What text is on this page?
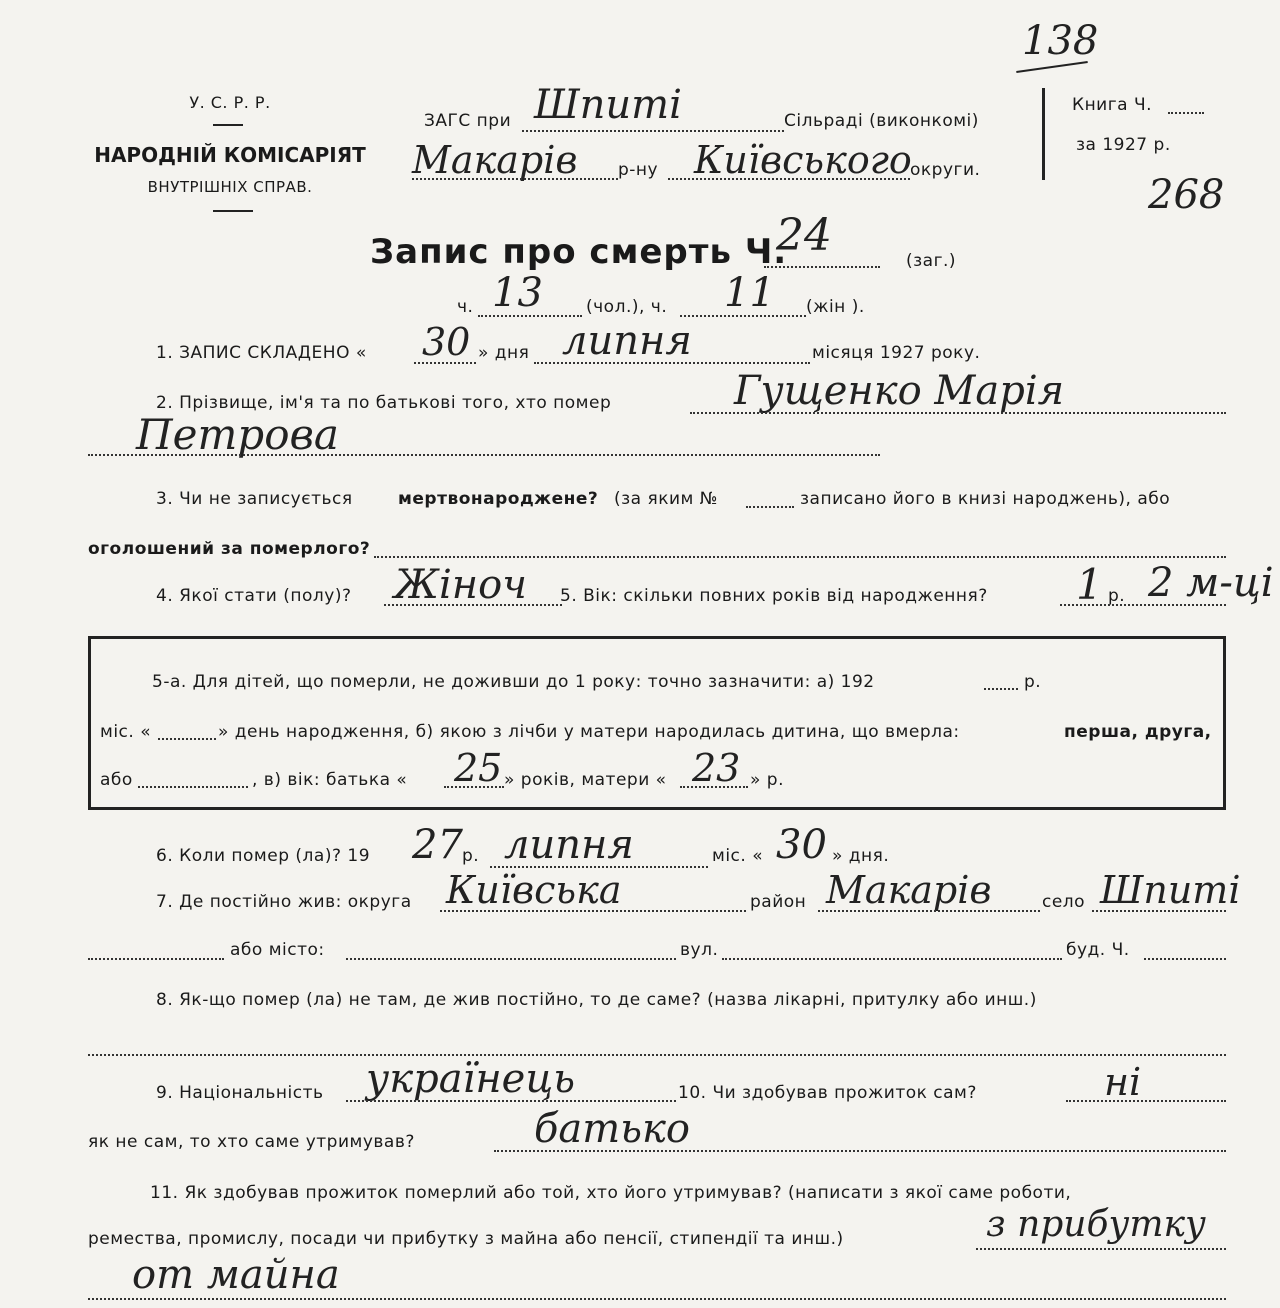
138
268
У. С. Р. Р.
НАРОДНІЙ КОМІСАРІЯТ
ВНУТРІШНІХ СПРАВ.
ЗАГС при Шпиті	Сільраді (виконкомі)
Макарів р-ну Київського
округи.
Книга Ч.
за 1927 р.
Запис про смерть Ч.
24	(заг.)
ч. 13	(чол.), ч. 11 (жін ).
1. ЗАПИС СКЛАДЕНО « 30 » дня липня	місяця 1927 року.
2. Прізвище, ім'я та по батькові того, хто помер	Гущенко Марія
Петрова
3. Чи не записується	мертвонароджене? (за яким №	записано його в книзі народжень), або
оголошений за померлого?
4. Якої стати (полу)? Жіноч 5. Вік: скільки повних років від народження? 1 р. 2 м-ці
5-а. Для дітей, що померли, не доживши до 1 року: точно зазначити: а) 192	р.
міс. «	» день народження, б) якою з лічби у матери народилась дитина, що вмерла:	перша, друга,
або	, в) вік: батька « 25 » років, матери « 23 » р.
6. Коли помер (ла)? 19 27 р. липня	міс. « 30 » дня.
7. Де постійно жив: округа Київська	район Макарів	село Шпиті
або місто:	вул.	буд. Ч.
8. Як-що помер (ла) не там, де жив постійно, то де саме? (назва лікарні, притулку або инш.)
9. Національність українець	10. Чи здобував прожиток сам?	ні
як не сам, то хто саме утримував?	батько
11. Як здобував прожиток померлий або той, хто його утримував? (написати з якої саме роботи,
ремества, промислу, посади чи прибутку з майна або пенсії, стипендії та инш.)	з прибутку
от майна
